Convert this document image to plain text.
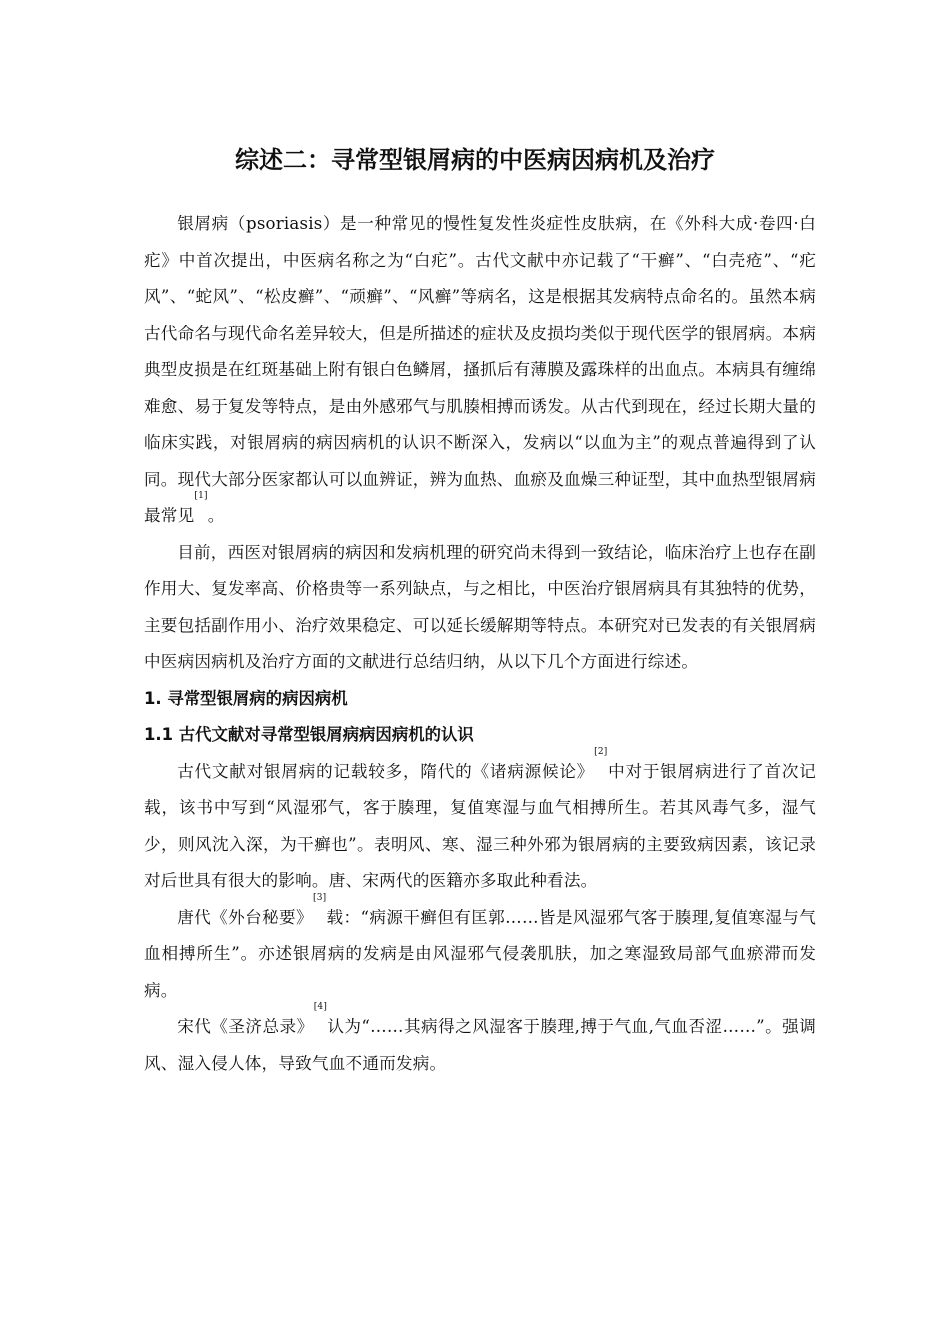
综述二：寻常型银屑病的中医病因病机及治疗

银屑病（psoriasis）是一种常见的慢性复发性炎症性皮肤病，在《外科大成·卷四·白疕》中首次提出，中医病名称之为“白疕”。古代文献中亦记载了“干癣”、“白壳疮”、“疕风”、“蛇风”、“松皮癣”、“顽癣”、“风癣”等病名，这是根据其发病特点命名的。虽然本病古代命名与现代命名差异较大，但是所描述的症状及皮损均类似于现代医学的银屑病。本病典型皮损是在红斑基础上附有银白色鳞屑，搔抓后有薄膜及露珠样的出血点。本病具有缠绵难愈、易于复发等特点，是由外感邪气与肌腠相搏而诱发。从古代到现在，经过长期大量的临床实践，对银屑病的病因病机的认识不断深入，发病以“以血为主”的观点普遍得到了认同。现代大部分医家都认可以血辨证，辨为血热、血瘀及血燥三种证型，其中血热型银屑病最常见[1]。

目前，西医对银屑病的病因和发病机理的研究尚未得到一致结论，临床治疗上也存在副作用大、复发率高、价格贵等一系列缺点，与之相比，中医治疗银屑病具有其独特的优势，主要包括副作用小、治疗效果稳定、可以延长缓解期等特点。本研究对已发表的有关银屑病中医病因病机及治疗方面的文献进行总结归纳，从以下几个方面进行综述。

1. 寻常型银屑病的病因病机

1.1 古代文献对寻常型银屑病病因病机的认识

古代文献对银屑病的记载较多，隋代的《诸病源候论》[2]中对于银屑病进行了首次记载，该书中写到“风湿邪气，客于腠理，复值寒湿与血气相搏所生。若其风毒气多，湿气少，则风沈入深，为干癣也”。表明风、寒、湿三种外邪为银屑病的主要致病因素，该记录对后世具有很大的影响。唐、宋两代的医籍亦多取此种看法。

唐代《外台秘要》[3]载：“病源干癣但有匡郭……皆是风湿邪气客于腠理,复值寒湿与气血相搏所生”。亦述银屑病的发病是由风湿邪气侵袭肌肤，加之寒湿致局部气血瘀滞而发病。

宋代《圣济总录》[4]认为“……其病得之风湿客于腠理,搏于气血,气血否涩……”。强调风、湿入侵人体，导致气血不通而发病。
